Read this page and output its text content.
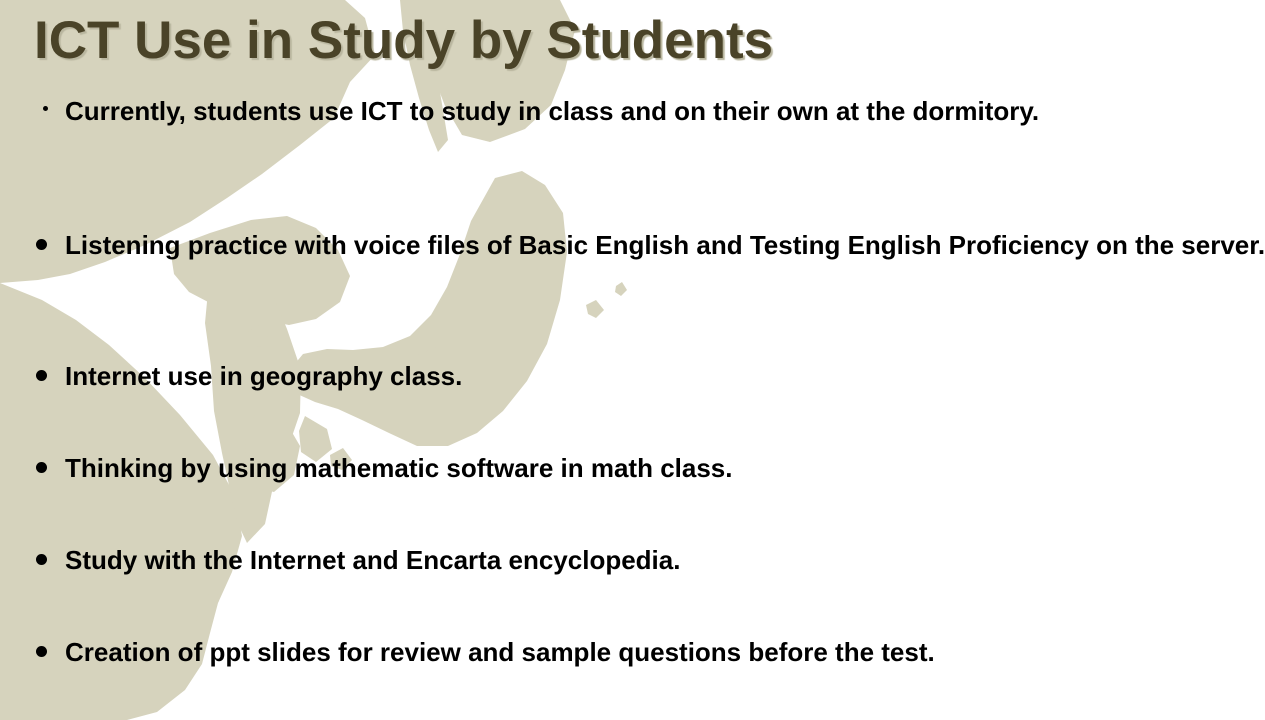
ICT Use in Study by Students
Currently, students use ICT to study in class and on their own at the dormitory.
Listening practice with voice files of Basic English and Testing English Proficiency on the server.
Internet use in geography class.
Thinking by using mathematic software in math class.
Study with the Internet and Encarta encyclopedia.
Creation of ppt slides for review and sample questions before the test.
